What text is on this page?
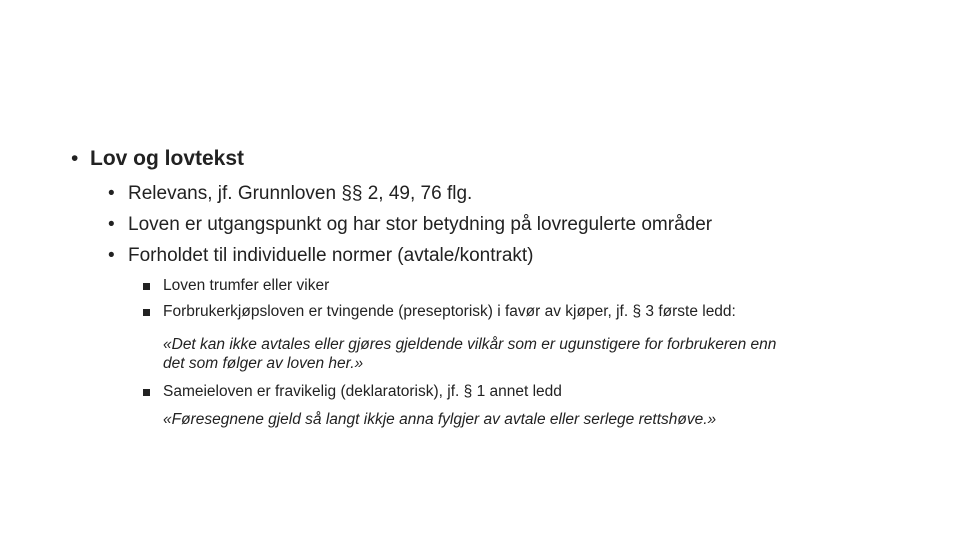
• Lov og lovtekst
• Relevans, jf. Grunnloven §§ 2, 49, 76 flg.
• Loven er utgangspunkt og har stor betydning på lovregulerte områder
• Forholdet til individuelle normer (avtale/kontrakt)
Loven trumfer eller viker
Forbrukerkjøpsloven er tvingende (preseptorisk) i favør av kjøper, jf. § 3 første ledd:
«Det kan ikke avtales eller gjøres gjeldende vilkår som er ugunstigere for forbrukeren enn
det som følger av loven her.»
Sameieloven er fravikelig (deklaratorisk), jf. § 1 annet ledd
«Føresegnene gjeld så langt ikkje anna fylgjer av avtale eller serlege rettshøve.»
